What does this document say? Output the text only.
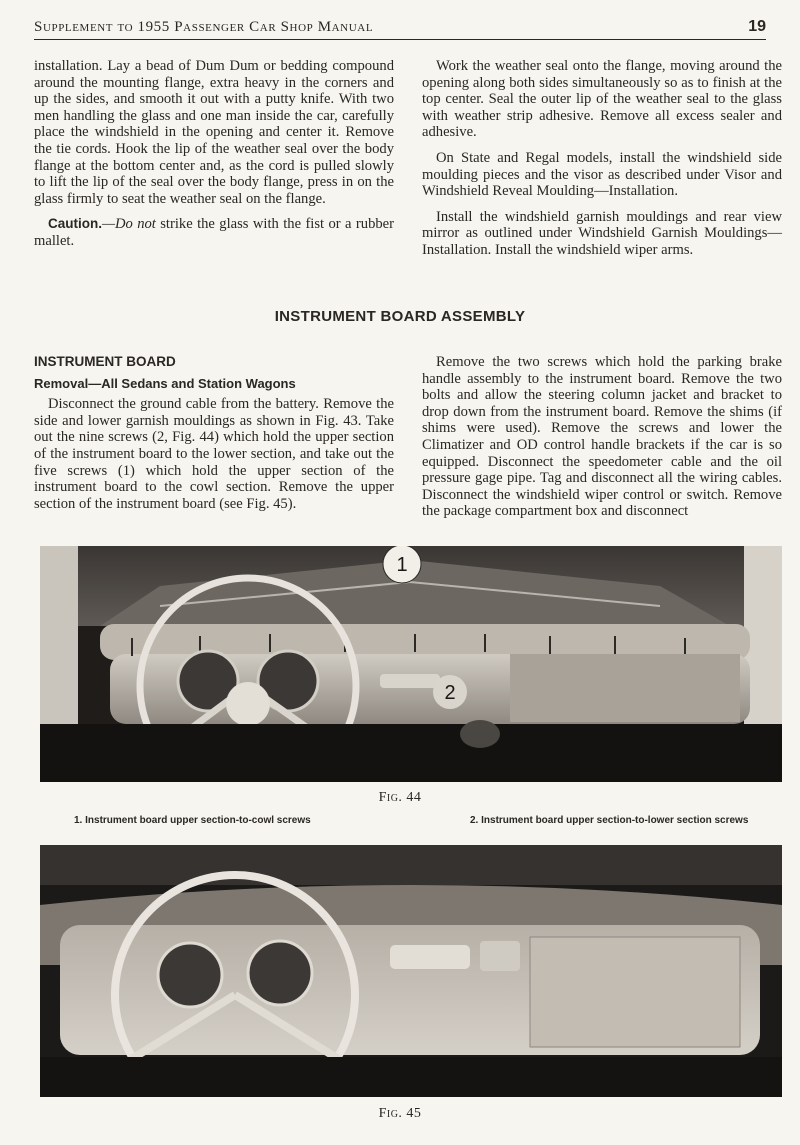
Supplement to 1955 Passenger Car Shop Manual	19

installation. Lay a bead of Dum Dum or bedding compound around the mounting flange, extra heavy in the corners and up the sides, and smooth it out with a putty knife. With two men handling the glass and one man inside the car, carefully place the windshield in the opening and center it. Remove the tie cords. Hook the lip of the weather seal over the body flange at the bottom center and, as the cord is pulled slowly to lift the lip of the seal over the body flange, press in on the glass firmly to seat the weather seal on the flange.

Caution.—Do not strike the glass with the fist or a rubber mallet.

Work the weather seal onto the flange, moving around the opening along both sides simultaneously so as to finish at the top center. Seal the outer lip of the weather seal to the glass with weather strip adhesive. Remove all excess sealer and adhesive.

On State and Regal models, install the windshield side moulding pieces and the visor as described under Visor and Windshield Reveal Moulding—Installation.

Install the windshield garnish mouldings and rear view mirror as outlined under Windshield Garnish Mouldings—Installation. Install the windshield wiper arms.

INSTRUMENT BOARD ASSEMBLY
INSTRUMENT BOARD
Removal—All Sedans and Station Wagons

Disconnect the ground cable from the battery. Remove the side and lower garnish mouldings as shown in Fig. 43. Take out the nine screws (2, Fig. 44) which hold the upper section of the instrument board to the lower section, and take out the five screws (1) which hold the upper section of the instrument board to the cowl section. Remove the upper section of the instrument board (see Fig. 45).

Remove the two screws which hold the parking brake handle assembly to the instrument board. Remove the two bolts and allow the steering column jacket and bracket to drop down from the instrument board. Remove the shims (if shims were used). Remove the screws and lower the Climatizer and OD control handle brackets if the car is so equipped. Disconnect the speedometer cable and the oil pressure gage pipe. Tag and disconnect all the wiring cables. Disconnect the windshield wiper control or switch. Remove the package compartment box and disconnect

1
2
Fig. 44
1. Instrument board upper section-to-cowl screws	2. Instrument board upper section-to-lower section screws
Fig. 45
